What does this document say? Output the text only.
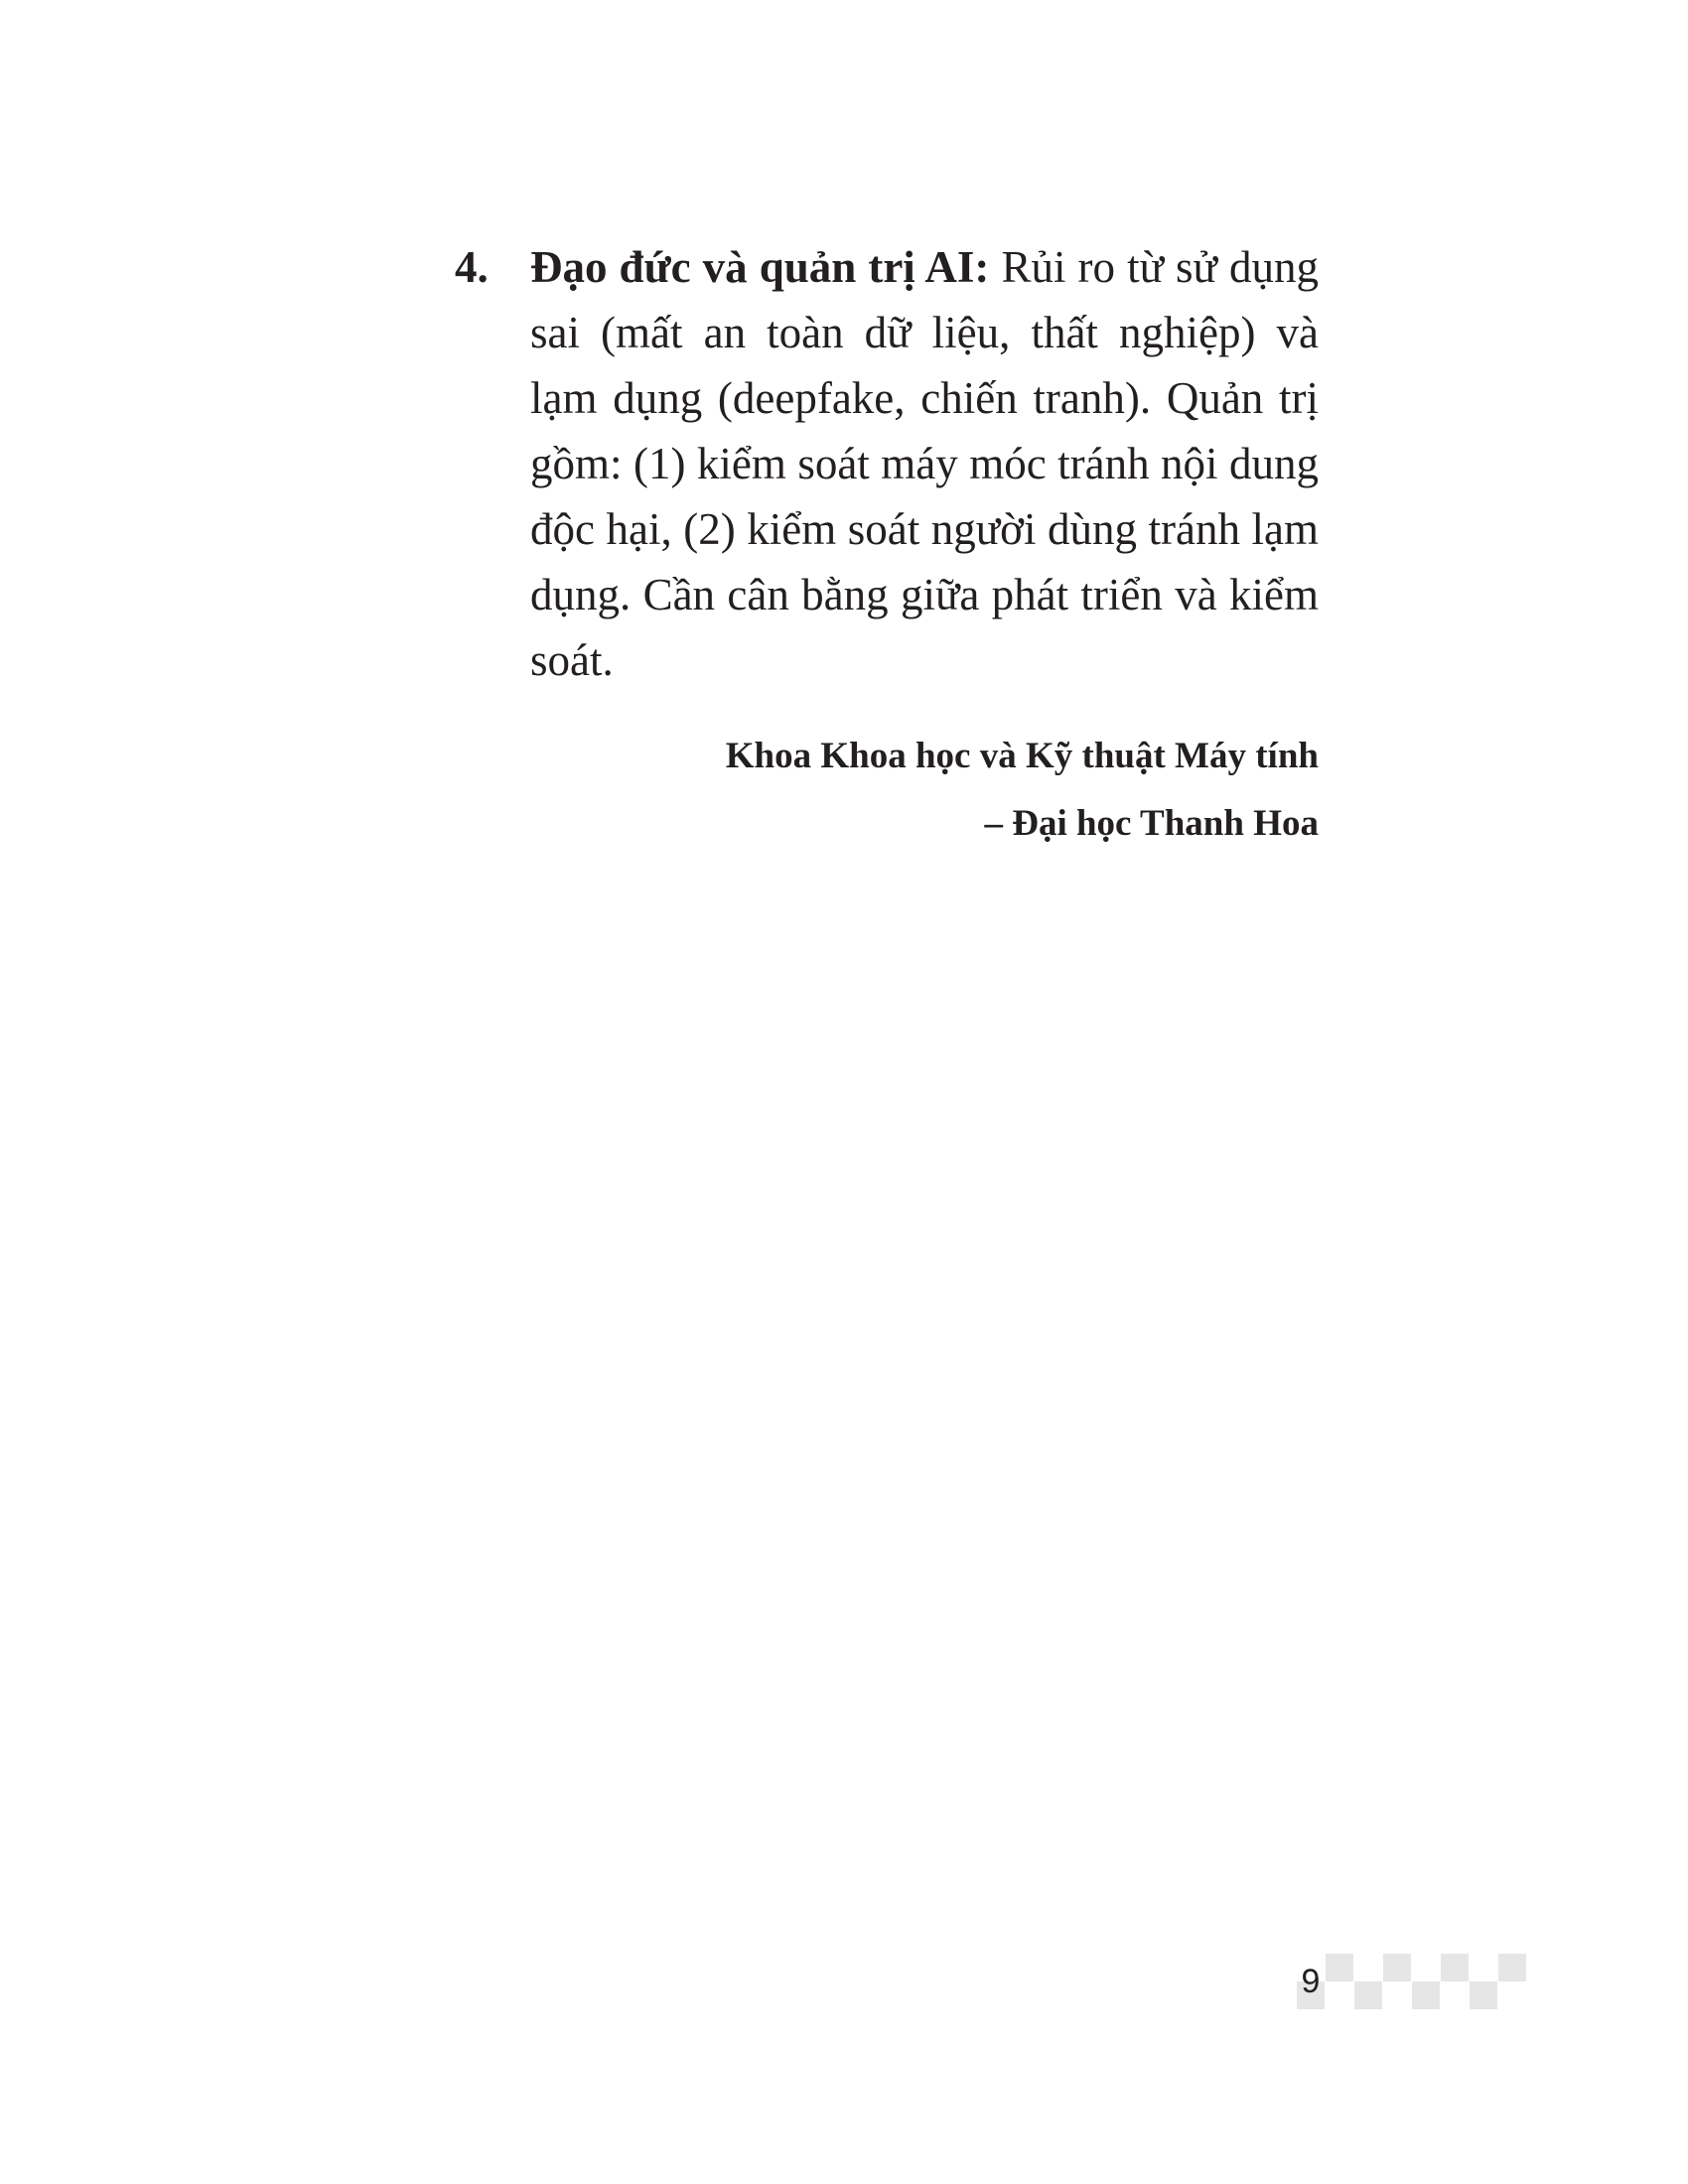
4. Đạo đức và quản trị AI: Rủi ro từ sử dụng sai (mất an toàn dữ liệu, thất nghiệp) và lạm dụng (deepfake, chiến tranh). Quản trị gồm: (1) kiểm soát máy móc tránh nội dung độc hại, (2) kiểm soát người dùng tránh lạm dụng. Cần cân bằng giữa phát triển và kiểm soát.
Khoa Khoa học và Kỹ thuật Máy tính
– Đại học Thanh Hoa
9
